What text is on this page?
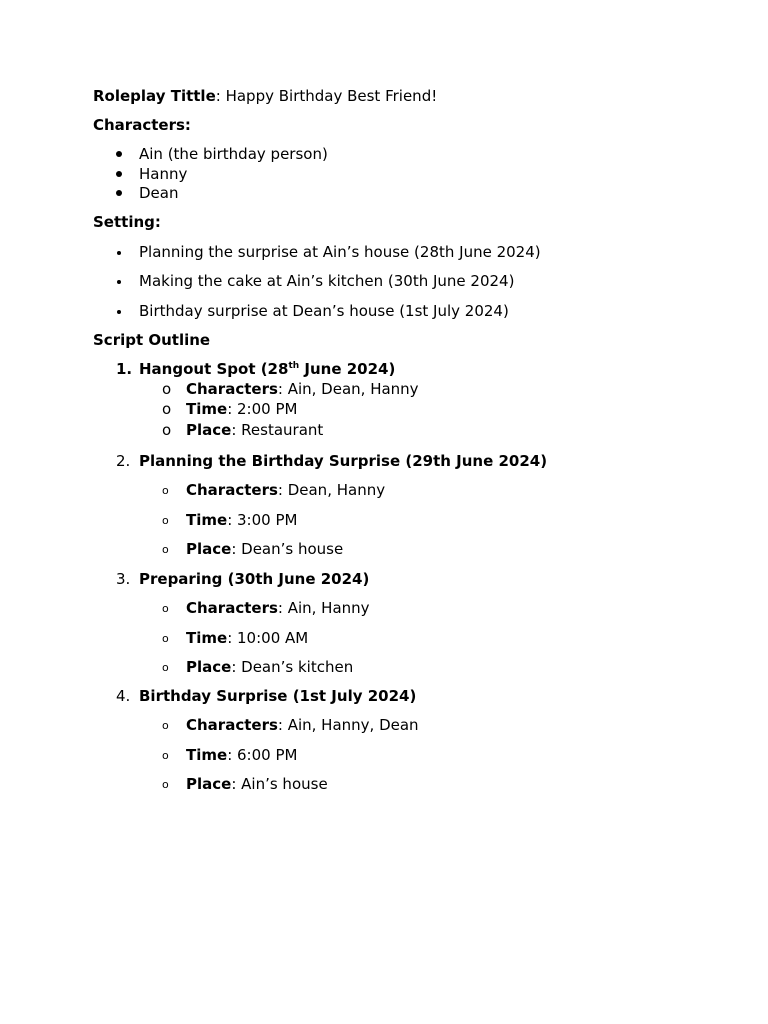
Roleplay Tittle: Happy Birthday Best Friend!
Characters:
Ain (the birthday person)
Hanny
Dean
Setting:
Planning the surprise at Ain’s house (28th June 2024)
Making the cake at Ain’s kitchen (30th June 2024)
Birthday surprise at Dean’s house (1st July 2024)
Script Outline
1. Hangout Spot (28th June 2024)
o Characters: Ain, Dean, Hanny
o Time: 2:00 PM
o Place: Restaurant
2. Planning the Birthday Surprise (29th June 2024)
o Characters: Dean, Hanny
o Time: 3:00 PM
o Place: Dean’s house
3. Preparing (30th June 2024)
o Characters: Ain, Hanny
o Time: 10:00 AM
o Place: Dean’s kitchen
4. Birthday Surprise (1st July 2024)
o Characters: Ain, Hanny, Dean
o Time: 6:00 PM
o Place: Ain’s house
